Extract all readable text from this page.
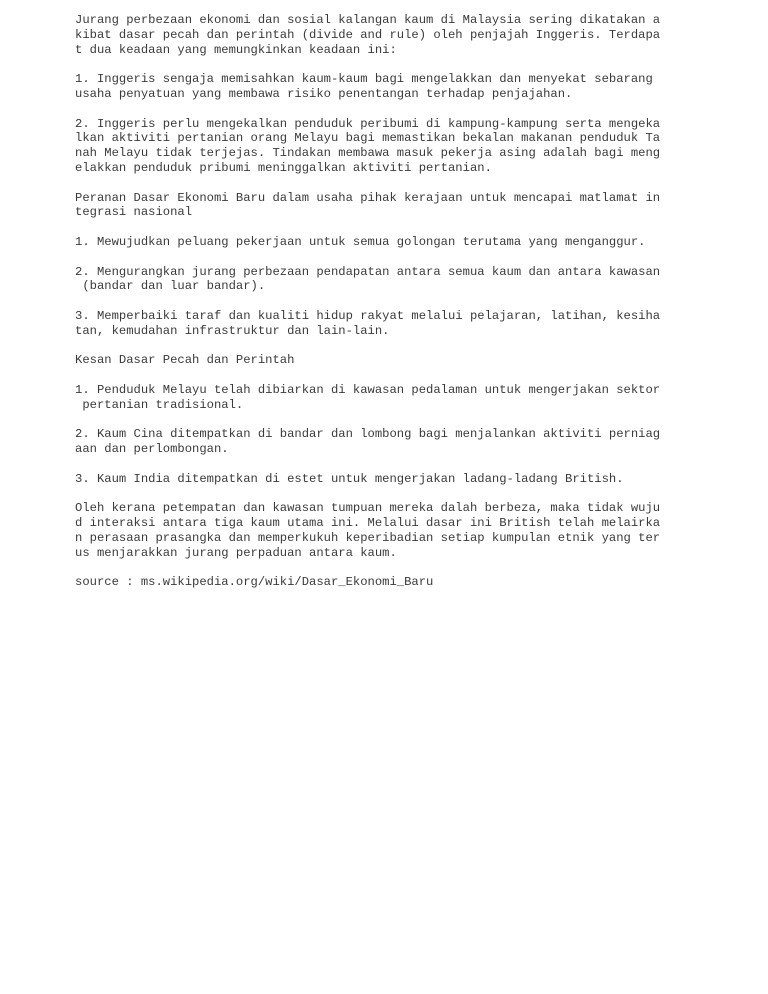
Jurang perbezaan ekonomi dan sosial kalangan kaum di Malaysia sering dikatakan a
kibat dasar pecah dan perintah (divide and rule) oleh penjajah Inggeris. Terdapa
t dua keadaan yang memungkinkan keadaan ini:

1. Inggeris sengaja memisahkan kaum-kaum bagi mengelakkan dan menyekat sebarang
usaha penyatuan yang membawa risiko penentangan terhadap penjajahan.

2. Inggeris perlu mengekalkan penduduk peribumi di kampung-kampung serta mengeka
lkan aktiviti pertanian orang Melayu bagi memastikan bekalan makanan penduduk Ta
nah Melayu tidak terjejas. Tindakan membawa masuk pekerja asing adalah bagi meng
elakkan penduduk pribumi meninggalkan aktiviti pertanian.

Peranan Dasar Ekonomi Baru dalam usaha pihak kerajaan untuk mencapai matlamat in
tegrasi nasional

1. Mewujudkan peluang pekerjaan untuk semua golongan terutama yang menganggur.

2. Mengurangkan jurang perbezaan pendapatan antara semua kaum dan antara kawasan
(bandar dan luar bandar).

3. Memperbaiki taraf dan kualiti hidup rakyat melalui pelajaran, latihan, kesiha
tan, kemudahan infrastruktur dan lain-lain.

Kesan Dasar Pecah dan Perintah

1. Penduduk Melayu telah dibiarkan di kawasan pedalaman untuk mengerjakan sektor
pertanian tradisional.

2. Kaum Cina ditempatkan di bandar dan lombong bagi menjalankan aktiviti perniag
aan dan perlombongan.

3. Kaum India ditempatkan di estet untuk mengerjakan ladang-ladang British.

Oleh kerana petempatan dan kawasan tumpuan mereka dalah berbeza, maka tidak wuju
d interaksi antara tiga kaum utama ini. Melalui dasar ini British telah melairka
n perasaan prasangka dan memperkukuh keperibadian setiap kumpulan etnik yang ter
us menjarakkan jurang perpaduan antara kaum.

source : ms.wikipedia.org/wiki/Dasar_Ekonomi_Baru
